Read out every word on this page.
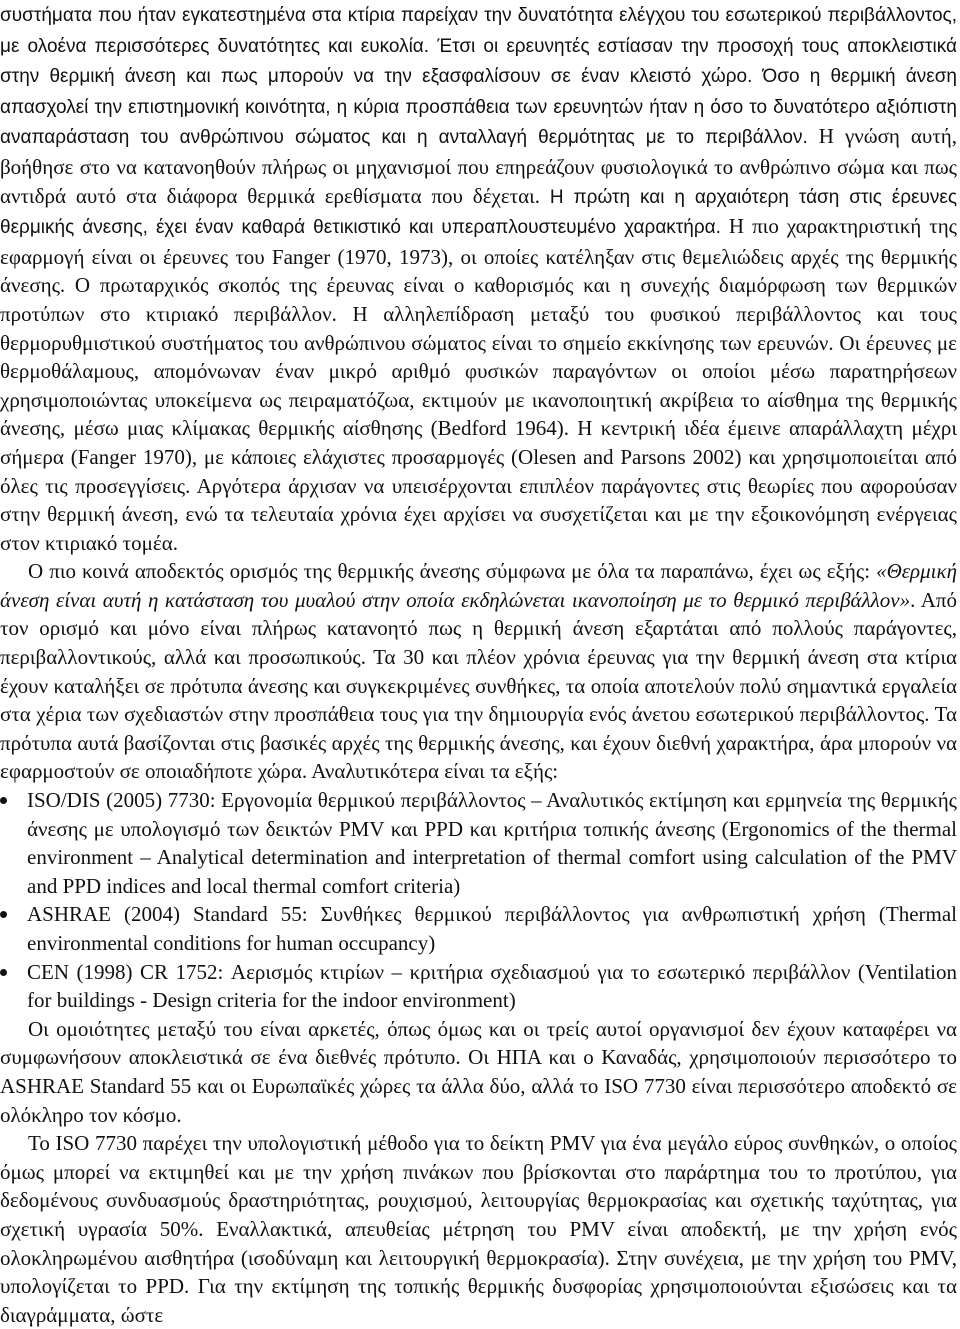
συστήματα που ήταν εγκατεστημένα στα κτίρια παρείχαν την δυνατότητα ελέγχου του εσωτερικού περιβάλλοντος, με ολοένα περισσότερες δυνατότητες και ευκολία. Έτσι οι ερευνητές εστίασαν την προσοχή τους αποκλειστικά στην θερμική άνεση και πως μπορούν να την εξασφαλίσουν σε έναν κλειστό χώρο. Όσο η θερμική άνεση απασχολεί την επιστημονική κοινότητα, η κύρια προσπάθεια των ερευνητών ήταν η όσο το δυνατότερο αξιόπιστη αναπαράσταση του ανθρώπινου σώματος και η ανταλλαγή θερμότητας με το περιβάλλον. Η γνώση αυτή, βοήθησε στο να κατανοηθούν πλήρως οι μηχανισμοί που επηρεάζουν φυσιολογικά το ανθρώπινο σώμα και πως αντιδρά αυτό στα διάφορα θερμικά ερεθίσματα που δέχεται. Η πρώτη και η αρχαιότερη τάση στις έρευνες θερμικής άνεσης, έχει έναν καθαρά θετικιστικό και υπεραπλουστευμένο χαρακτήρα. Η πιο χαρακτηριστική της εφαρμογή είναι οι έρευνες του Fanger (1970, 1973), οι οποίες κατέληξαν στις θεμελιώδεις αρχές της θερμικής άνεσης. Ο πρωταρχικός σκοπός της έρευνας είναι ο καθορισμός και η συνεχής διαμόρφωση των θερμικών προτύπων στο κτιριακό περιβάλλον. Η αλληλεπίδραση μεταξύ του φυσικού περιβάλλοντος και τους θερμορυθμιστικού συστήματος του ανθρώπινου σώματος είναι το σημείο εκκίνησης των ερευνών. Οι έρευνες με θερμοθάλαμους, απομόνωναν έναν μικρό αριθμό φυσικών παραγόντων οι οποίοι μέσω παρατηρήσεων χρησιμοποιώντας υποκείμενα ως πειραματόζωα, εκτιμούν με ικανοποιητική ακρίβεια το αίσθημα της θερμικής άνεσης, μέσω μιας κλίμακας θερμικής αίσθησης (Bedford 1964). Η κεντρική ιδέα έμεινε απαράλλαχτη μέχρι σήμερα (Fanger 1970), με κάποιες ελάχιστες προσαρμογές (Olesen and Parsons 2002) και χρησιμοποιείται από όλες τις προσεγγίσεις. Αργότερα άρχισαν να υπεισέρχονται επιπλέον παράγοντες στις θεωρίες που αφορούσαν στην θερμική άνεση, ενώ τα τελευταία χρόνια έχει αρχίσει να συσχετίζεται και με την εξοικονόμηση ενέργειας στον κτιριακό τομέα.

Ο πιο κοινά αποδεκτός ορισμός της θερμικής άνεσης σύμφωνα με όλα τα παραπάνω, έχει ως εξής: «Θερμική άνεση είναι αυτή η κατάσταση του μυαλού στην οποία εκδηλώνεται ικανοποίηση με το θερμικό περιβάλλον». Από τον ορισμό και μόνο είναι πλήρως κατανοητό πως η θερμική άνεση εξαρτάται από πολλούς παράγοντες, περιβαλλοντικούς, αλλά και προσωπικούς. Τα 30 και πλέον χρόνια έρευνας για την θερμική άνεση στα κτίρια έχουν καταλήξει σε πρότυπα άνεσης και συγκεκριμένες συνθήκες, τα οποία αποτελούν πολύ σημαντικά εργαλεία στα χέρια των σχεδιαστών στην προσπάθεια τους για την δημιουργία ενός άνετου εσωτερικού περιβάλλοντος. Τα πρότυπα αυτά βασίζονται στις βασικές αρχές της θερμικής άνεσης, και έχουν διεθνή χαρακτήρα, άρα μπορούν να εφαρμοστούν σε οποιαδήποτε χώρα. Αναλυτικότερα είναι τα εξής:

ISO/DIS (2005) 7730: Εργονομία θερμικού περιβάλλοντος – Αναλυτικός εκτίμηση και ερμηνεία της θερμικής άνεσης με υπολογισμό των δεικτών PMV και PPD και κριτήρια τοπικής άνεσης (Ergonomics of the thermal environment – Analytical determination and interpretation of thermal comfort using calculation of the PMV and PPD indices and local thermal comfort criteria)
ASHRAE (2004) Standard 55: Συνθήκες θερμικού περιβάλλοντος για ανθρωπιστική χρήση (Thermal environmental conditions for human occupancy)
CEN (1998) CR 1752: Αερισμός κτιρίων – κριτήρια σχεδιασμού για το εσωτερικό περιβάλλον (Ventilation for buildings - Design criteria for the indoor environment)

Οι ομοιότητες μεταξύ του είναι αρκετές, όπως όμως και οι τρείς αυτοί οργανισμοί δεν έχουν καταφέρει να συμφωνήσουν αποκλειστικά σε ένα διεθνές πρότυπο. Οι ΗΠΑ και ο Καναδάς, χρησιμοποιούν περισσότερο το ASHRAE Standard 55 και οι Ευρωπαϊκές χώρες τα άλλα δύο, αλλά το ISO 7730 είναι περισσότερο αποδεκτό σε ολόκληρο τον κόσμο.

Το ISO 7730 παρέχει την υπολογιστική μέθοδο για το δείκτη PMV για ένα μεγάλο εύρος συνθηκών, ο οποίος όμως μπορεί να εκτιμηθεί και με την χρήση πινάκων που βρίσκονται στο παράρτημα του το προτύπου, για δεδομένους συνδυασμούς δραστηριότητας, ρουχισμού, λειτουργίας θερμοκρασίας και σχετικής ταχύτητας, για σχετική υγρασία 50%. Εναλλακτικά, απευθείας μέτρηση του PMV είναι αποδεκτή, με την χρήση ενός ολοκληρωμένου αισθητήρα (ισοδύναμη και λειτουργική θερμοκρασία). Στην συνέχεια, με την χρήση του PMV, υπολογίζεται το PPD. Για την εκτίμηση της τοπικής θερμικής δυσφορίας χρησιμοποιούνται εξισώσεις και τα διαγράμματα, ώστε
